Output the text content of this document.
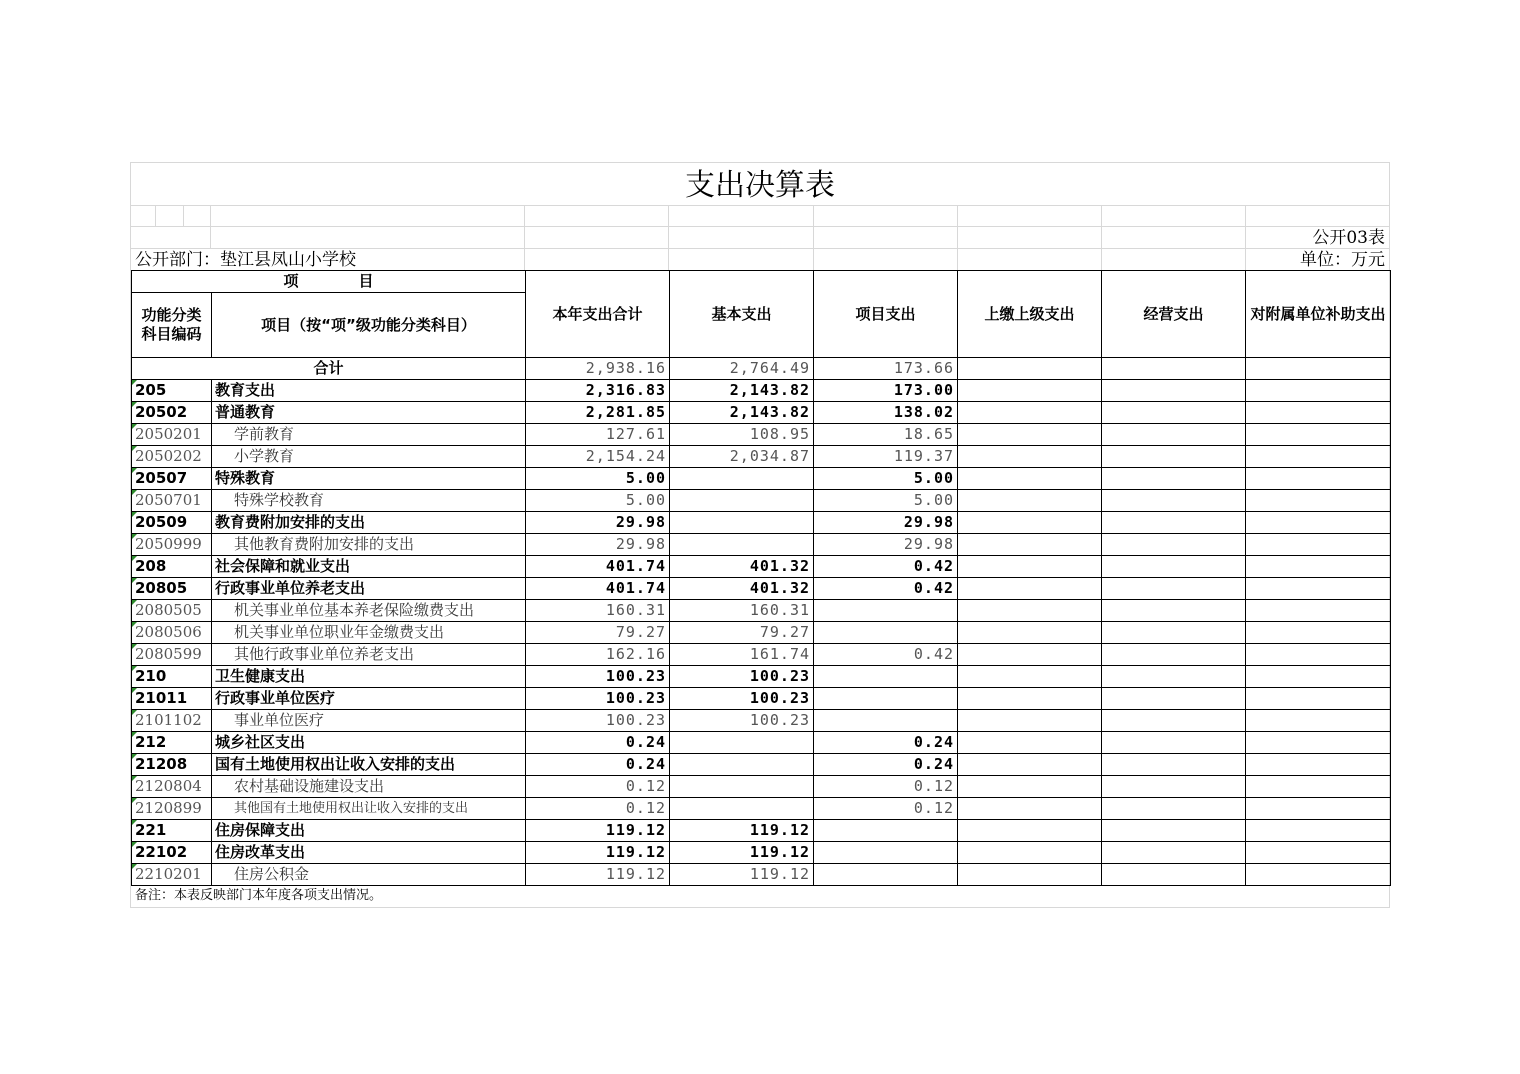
支出决算表
公开03表
公开部门：垫江县凤山小学校	单位：万元
项　　　　目		本年支出合计	基本支出	项目支出	上缴上级支出	经营支出	对附属单位补助支出
功能分类科目编码	项目（按“项”级功能分类科目）						
合计		2,938.16	2,764.49	173.66			
205	教育支出	2,316.83	2,143.82	173.00			
20502	普通教育	2,281.85	2,143.82	138.02			
2050201	学前教育	127.61	108.95	18.65			
2050202	小学教育	2,154.24	2,034.87	119.37			
20507	特殊教育	5.00		5.00			
2050701	特殊学校教育	5.00		5.00			
20509	教育费附加安排的支出	29.98		29.98			
2050999	其他教育费附加安排的支出	29.98		29.98			
208	社会保障和就业支出	401.74	401.32	0.42			
20805	行政事业单位养老支出	401.74	401.32	0.42			
2080505	机关事业单位基本养老保险缴费支出	160.31	160.31				
2080506	机关事业单位职业年金缴费支出	79.27	79.27				
2080599	其他行政事业单位养老支出	162.16	161.74	0.42			
210	卫生健康支出	100.23	100.23				
21011	行政事业单位医疗	100.23	100.23				
2101102	事业单位医疗	100.23	100.23				
212	城乡社区支出	0.24		0.24			
21208	国有土地使用权出让收入安排的支出	0.24		0.24			
2120804	农村基础设施建设支出	0.12		0.12			
2120899	其他国有土地使用权出让收入安排的支出	0.12		0.12			
221	住房保障支出	119.12	119.12				
22102	住房改革支出	119.12	119.12				
2210201	住房公积金	119.12	119.12				
备注：本表反映部门本年度各项支出情况。
